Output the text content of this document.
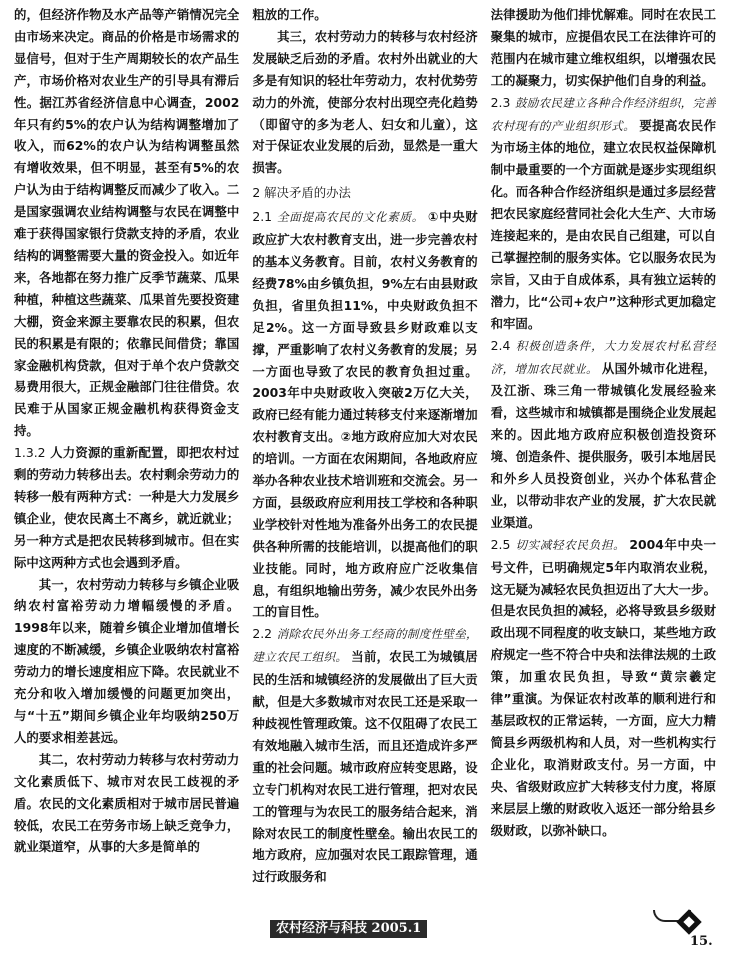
的，但经济作物及水产品等产销情况完全由市场来决定。商品的价格是市场需求的显信号，但对于生产周期较长的农产品生产，市场价格对农业生产的引导具有滞后性。据江苏省经济信息中心调查，2002年只有约5%的农户认为结构调整增加了收入，而62%的农户认为结构调整虽然有增收效果，但不明显，甚至有5%的农户认为由于结构调整反而减少了收入。二是国家强调农业结构调整与农民在调整中难于获得国家银行贷款支持的矛盾，农业结构的调整需要大量的资金投入。如近年来，各地都在努力推广反季节蔬菜、瓜果种植，种植这些蔬菜、瓜果首先要投资建大棚，资金来源主要靠农民的积累，但农民的积累是有限的；依靠民间借贷；靠国家金融机构贷款，但对于单个农户贷款交易费用很大，正规金融部门往往借贷。农民难于从国家正规金融机构获得资金支持。

1.3.2 人力资源的重新配置，即把农村过剩的劳动力转移出去。农村剩余劳动力的转移一般有两种方式：一种是大力发展乡镇企业，使农民离土不离乡，就近就业；另一种方式是把农民转移到城市。但在实际中这两种方式也会遇到矛盾。

其一，农村劳动力转移与乡镇企业吸纳农村富裕劳动力增幅缓慢的矛盾。1998年以来，随着乡镇企业增加值增长速度的不断减缓，乡镇企业吸纳农村富裕劳动力的增长速度相应下降。农民就业不充分和收入增加缓慢的问题更加突出，与“十五”期间乡镇企业年均吸纳250万人的要求相差甚远。

其二，农村劳动力转移与农村劳动力文化素质低下、城市对农民工歧视的矛盾。农民的文化素质相对于城市居民普遍较低，农民工在劳务市场上缺乏竞争力，就业渠道窄，从事的大多是简单的

粗放的工作。

其三，农村劳动力的转移与农村经济发展缺乏后劲的矛盾。农村外出就业的大多是有知识的轻壮年劳动力，农村优势劳动力的外流，使部分农村出现空壳化趋势（即留守的多为老人、妇女和儿童），这对于保证农业发展的后劲，显然是一重大损害。

2 解决矛盾的办法

2.1 全面提高农民的文化素质。 ①中央财政应扩大农村教育支出，进一步完善农村的基本义务教育。目前，农村义务教育的经费78%由乡镇负担，9%左右由县财政负担，省里负担11%，中央财政负担不足2%。这一方面导致县乡财政难以支撑，严重影响了农村义务教育的发展；另一方面也导致了农民的教育负担过重。2003年中央财政收入突破2万亿大关，政府已经有能力通过转移支付来逐渐增加农村教育支出。②地方政府应加大对农民的培训。一方面在农闲期间，各地政府应举办各种农业技术培训班和交流会。另一方面，县级政府应利用技工学校和各种职业学校针对性地为准备外出务工的农民提供各种所需的技能培训，以提高他们的职业技能。同时，地方政府应广泛收集信息，有组织地输出劳务，减少农民外出务工的盲目性。

2.2 消除农民外出务工经商的制度性壁垒，建立农民工组织。 当前，农民工为城镇居民的生活和城镇经济的发展做出了巨大贡献，但是大多数城市对农民工还是采取一种歧视性管理政策。这不仅阻碍了农民工有效地融入城市生活，而且还造成许多严重的社会问题。城市政府应转变思路，设立专门机构对农民工进行管理，把对农民工的管理与为农民工的服务结合起来，消除对农民工的制度性壁垒。输出农民工的地方政府，应加强对农民工跟踪管理，通过行政服务和

法律援助为他们排忧解难。同时在农民工聚集的城市，应提倡农民工在法律许可的范围内在城市建立维权组织，以增强农民工的凝聚力，切实保护他们自身的利益。

2.3 鼓励农民建立各种合作经济组织，完善农村现有的产业组织形式。 要提高农民作为市场主体的地位，建立农民权益保障机制中最重要的一个方面就是逐步实现组织化。而各种合作经济组织是通过多层经营把农民家庭经营同社会化大生产、大市场连接起来的，是由农民自己组建，可以自己掌握控制的服务实体。它以服务农民为宗旨，又由于自成体系，具有独立运转的潜力，比“公司+农户”这种形式更加稳定和牢固。

2.4 积极创造条件，大力发展农村私营经济，增加农民就业。 从国外城市化进程，及江浙、珠三角一带城镇化发展经验来看，这些城市和城镇都是围绕企业发展起来的。因此地方政府应积极创造投资环境、创造条件、提供服务，吸引本地居民和外乡人员投资创业，兴办个体私营企业，以带动非农产业的发展，扩大农民就业渠道。

2.5 切实减轻农民负担。 2004年中央一号文件，已明确规定5年内取消农业税，这无疑为减轻农民负担迈出了大大一步。但是农民负担的减轻，必将导致县乡级财政出现不同程度的收支缺口，某些地方政府规定一些不符合中央和法律法规的土政策，加重农民负担，导致“黄宗羲定律”重演。为保证农村改革的顺利进行和基层政权的正常运转，一方面，应大力精简县乡两级机构和人员，对一些机构实行企业化，取消财政支付。另一方面，中央、省级财政应扩大转移支付力度，将原来层层上缴的财政收入返还一部分给县乡级财政，以弥补缺口。

农村经济与科技 2005.1
15.
